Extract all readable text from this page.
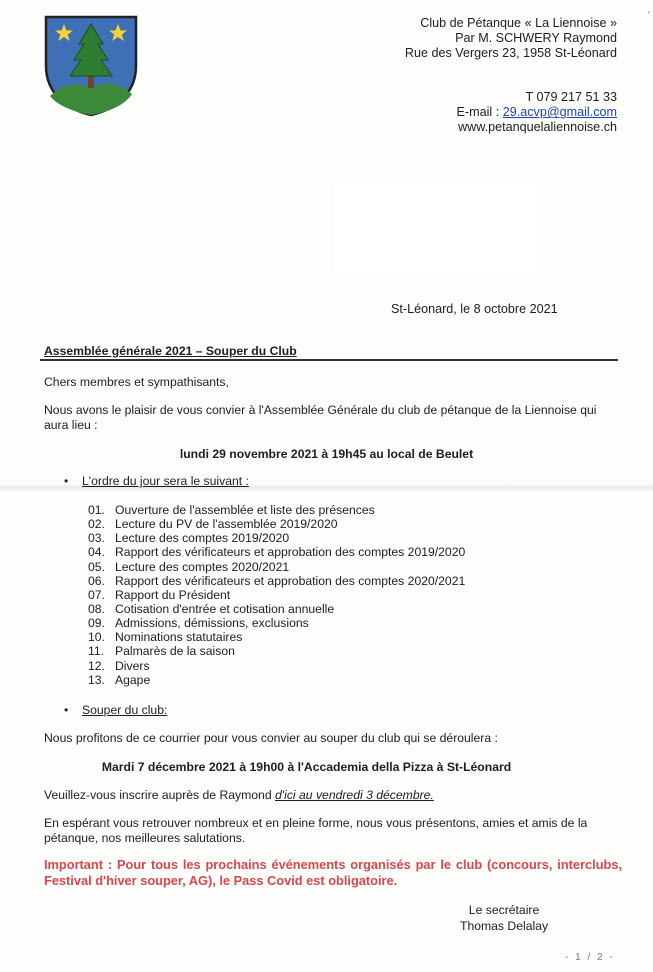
'
Club de Pétanque « La Liennoise »
Par M. SCHWERY Raymond
Rue des Vergers 23, 1958 St-Léonard
T 079 217 51 33
E-mail : 29.acvp@gmail.com
www.petanquelaliennoise.ch
St-Léonard, le 8 octobre 2021
Assemblée générale 2021 – Souper du Club
Chers membres et sympathisants,
Nous avons le plaisir de vous convier à l'Assemblée Générale du club de pétanque de la Liennoise qui aura lieu :
lundi 29 novembre 2021 à 19h45 au local de Beulet
• L'ordre du jour sera le suivant :
01. Ouverture de l'assemblée et liste des présences
02. Lecture du PV de l'assemblée 2019/2020
03. Lecture des comptes 2019/2020
04. Rapport des vérificateurs et approbation des comptes 2019/2020
05. Lecture des comptes 2020/2021
06. Rapport des vérificateurs et approbation des comptes 2020/2021
07. Rapport du Président
08. Cotisation d'entrée et cotisation annuelle
09. Admissions, démissions, exclusions
10. Nominations statutaires
11. Palmarès de la saison
12. Divers
13. Agape
• Souper du club:
Nous profitons de ce courrier pour vous convier au souper du club qui se déroulera :
Mardi 7 décembre 2021 à 19h00 à l'Accademia della Pizza à St-Léonard
Veuillez-vous inscrire auprès de Raymond d'ici au vendredi 3 décembre.
En espérant vous retrouver nombreux et en pleine forme, nous vous présentons, amies et amis de la pétanque, nos meilleures salutations.
Important : Pour tous les prochains événements organisés par le club (concours, interclubs, Festival d'hiver souper, AG), le Pass Covid est obligatoire.
Le secrétaire
Thomas Delalay
- 1 / 2 -
